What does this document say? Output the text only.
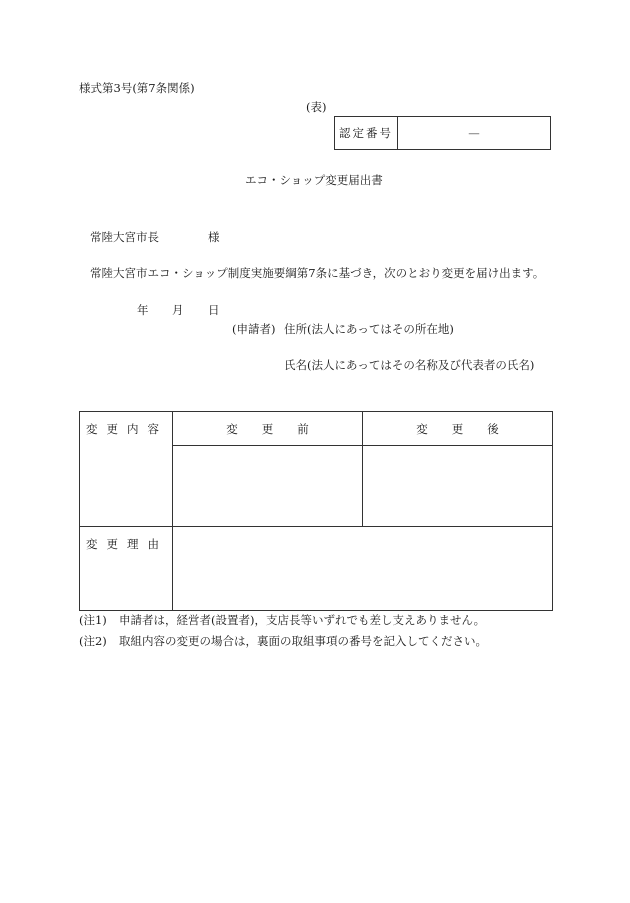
様式第3号(第7条関係)
(表)
認定番号	—
エコ・ショップ変更届出書
常陸大宮市長	様
常陸大宮市エコ・ショップ制度実施要綱第7条に基づき，次のとおり変更を届け出ます。
年 月 日
(申請者) 住所(法人にあってはその所在地)
氏名(法人にあってはその名称及び代表者の氏名)
変更内容	変更前	変更後

変更理由		
(注1)	申請者は，経営者(設置者)，支店長等いずれでも差し支えありません。
(注2)	取組内容の変更の場合は，裏面の取組事項の番号を記入してください。
